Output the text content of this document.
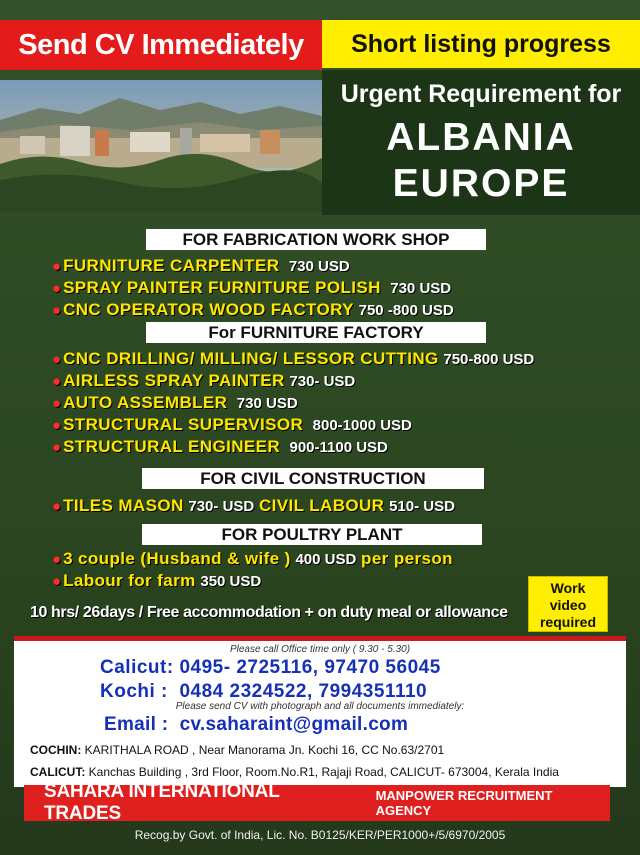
Send CV Immediately Short listing progress
Urgent Requirement for
ALBANIA
EUROPE
FOR FABRICATION WORK SHOP
● FURNITURE CARPENTER 730 USD
● SPRAY PAINTER FURNITURE POLISH 730 USD
● CNC OPERATOR WOOD FACTORY 750 -800 USD
For FURNITURE FACTORY
● CNC DRILLING/ MILLING/ LESSOR CUTTING 750-800 USD
● AIRLESS SPRAY PAINTER 730- USD
● AUTO ASSEMBLER 730 USD
● STRUCTURAL SUPERVISOR 800-1000 USD
● STRUCTURAL ENGINEER 900-1100 USD
FOR CIVIL CONSTRUCTION
● TILES MASON 730- USD CIVIL LABOUR 510- USD
FOR POULTRY PLANT
● 3 couple (Husband & wife ) 400 USD per person
● Labour for farm 350 USD
10 hrs/ 26days / Free accommodation + on duty meal or allowance
Work
video
required
Please call Office time only ( 9.30 - 5.30)
Calicut: 0495- 2725116, 97470 56045
Kochi : 0484 2324522, 7994351110
Please send CV with photograph and all documents immediately:
Email : cv.saharaint@gmail.com
COCHIN: KARITHALA ROAD , Near Manorama Jn. Kochi 16, CC No.63/2701
CALICUT: Kanchas Building , 3rd Floor, Room.No.R1, Rajaji Road, CALICUT- 673004, Kerala India
SAHARA INTERNATIONAL TRADES
MANPOWER RECRUITMENT AGENCY
Recog.by Govt. of India, Lic. No. B0125/KER/PER1000+/5/6970/2005
